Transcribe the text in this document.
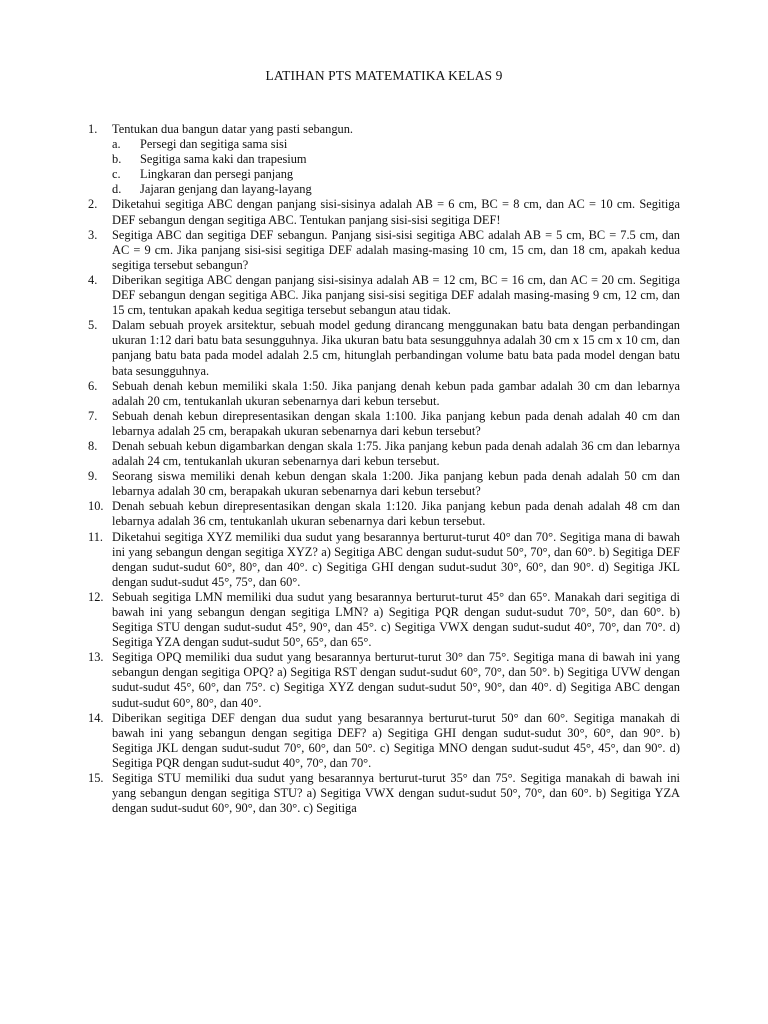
LATIHAN PTS MATEMATIKA KELAS 9
1.	Tentukan dua bangun datar yang pasti sebangun.
a.	Persegi dan segitiga sama sisi
b.	Segitiga sama kaki dan trapesium
c.	Lingkaran dan persegi panjang
d.	Jajaran genjang dan layang-layang
2.	Diketahui segitiga ABC dengan panjang sisi-sisinya adalah AB = 6 cm, BC = 8 cm, dan AC = 10 cm. Segitiga DEF sebangun dengan segitiga ABC. Tentukan panjang sisi-sisi segitiga DEF!
3.	Segitiga ABC dan segitiga DEF sebangun. Panjang sisi-sisi segitiga ABC adalah AB = 5 cm, BC = 7.5 cm, dan AC = 9 cm. Jika panjang sisi-sisi segitiga DEF adalah masing-masing 10 cm, 15 cm, dan 18 cm, apakah kedua segitiga tersebut sebangun?
4.	Diberikan segitiga ABC dengan panjang sisi-sisinya adalah AB = 12 cm, BC = 16 cm, dan AC = 20 cm. Segitiga DEF sebangun dengan segitiga ABC. Jika panjang sisi-sisi segitiga DEF adalah masing-masing 9 cm, 12 cm, dan 15 cm, tentukan apakah kedua segitiga tersebut sebangun atau tidak.
5.	Dalam sebuah proyek arsitektur, sebuah model gedung dirancang menggunakan batu bata dengan perbandingan ukuran 1:12 dari batu bata sesungguhnya. Jika ukuran batu bata sesungguhnya adalah 30 cm x 15 cm x 10 cm, dan panjang batu bata pada model adalah 2.5 cm, hitunglah perbandingan volume batu bata pada model dengan batu bata sesungguhnya.
6.	Sebuah denah kebun memiliki skala 1:50. Jika panjang denah kebun pada gambar adalah 30 cm dan lebarnya adalah 20 cm, tentukanlah ukuran sebenarnya dari kebun tersebut.
7.	Sebuah denah kebun direpresentasikan dengan skala 1:100. Jika panjang kebun pada denah adalah 40 cm dan lebarnya adalah 25 cm, berapakah ukuran sebenarnya dari kebun tersebut?
8.	Denah sebuah kebun digambarkan dengan skala 1:75. Jika panjang kebun pada denah adalah 36 cm dan lebarnya adalah 24 cm, tentukanlah ukuran sebenarnya dari kebun tersebut.
9.	Seorang siswa memiliki denah kebun dengan skala 1:200. Jika panjang kebun pada denah adalah 50 cm dan lebarnya adalah 30 cm, berapakah ukuran sebenarnya dari kebun tersebut?
10. Denah sebuah kebun direpresentasikan dengan skala 1:120. Jika panjang kebun pada denah adalah 48 cm dan lebarnya adalah 36 cm, tentukanlah ukuran sebenarnya dari kebun tersebut.
11. Diketahui segitiga XYZ memiliki dua sudut yang besarannya berturut-turut 40° dan 70°. Segitiga mana di bawah ini yang sebangun dengan segitiga XYZ? a) Segitiga ABC dengan sudut-sudut 50°, 70°, dan 60°. b) Segitiga DEF dengan sudut-sudut 60°, 80°, dan 40°. c) Segitiga GHI dengan sudut-sudut 30°, 60°, dan 90°. d) Segitiga JKL dengan sudut-sudut 45°, 75°, dan 60°.
12. Sebuah segitiga LMN memiliki dua sudut yang besarannya berturut-turut 45° dan 65°. Manakah dari segitiga di bawah ini yang sebangun dengan segitiga LMN? a) Segitiga PQR dengan sudut-sudut 70°, 50°, dan 60°. b) Segitiga STU dengan sudut-sudut 45°, 90°, dan 45°. c) Segitiga VWX dengan sudut-sudut 40°, 70°, dan 70°. d) Segitiga YZA dengan sudut-sudut 50°, 65°, dan 65°.
13. Segitiga OPQ memiliki dua sudut yang besarannya berturut-turut 30° dan 75°. Segitiga mana di bawah ini yang sebangun dengan segitiga OPQ? a) Segitiga RST dengan sudut-sudut 60°, 70°, dan 50°. b) Segitiga UVW dengan sudut-sudut 45°, 60°, dan 75°. c) Segitiga XYZ dengan sudut-sudut 50°, 90°, dan 40°. d) Segitiga ABC dengan sudut-sudut 60°, 80°, dan 40°.
14. Diberikan segitiga DEF dengan dua sudut yang besarannya berturut-turut 50° dan 60°. Segitiga manakah di bawah ini yang sebangun dengan segitiga DEF? a) Segitiga GHI dengan sudut-sudut 30°, 60°, dan 90°. b) Segitiga JKL dengan sudut-sudut 70°, 60°, dan 50°. c) Segitiga MNO dengan sudut-sudut 45°, 45°, dan 90°. d) Segitiga PQR dengan sudut-sudut 40°, 70°, dan 70°.
15. Segitiga STU memiliki dua sudut yang besarannya berturut-turut 35° dan 75°. Segitiga manakah di bawah ini yang sebangun dengan segitiga STU? a) Segitiga VWX dengan sudut-sudut 50°, 70°, dan 60°. b) Segitiga YZA dengan sudut-sudut 60°, 90°, dan 30°. c) Segitiga
